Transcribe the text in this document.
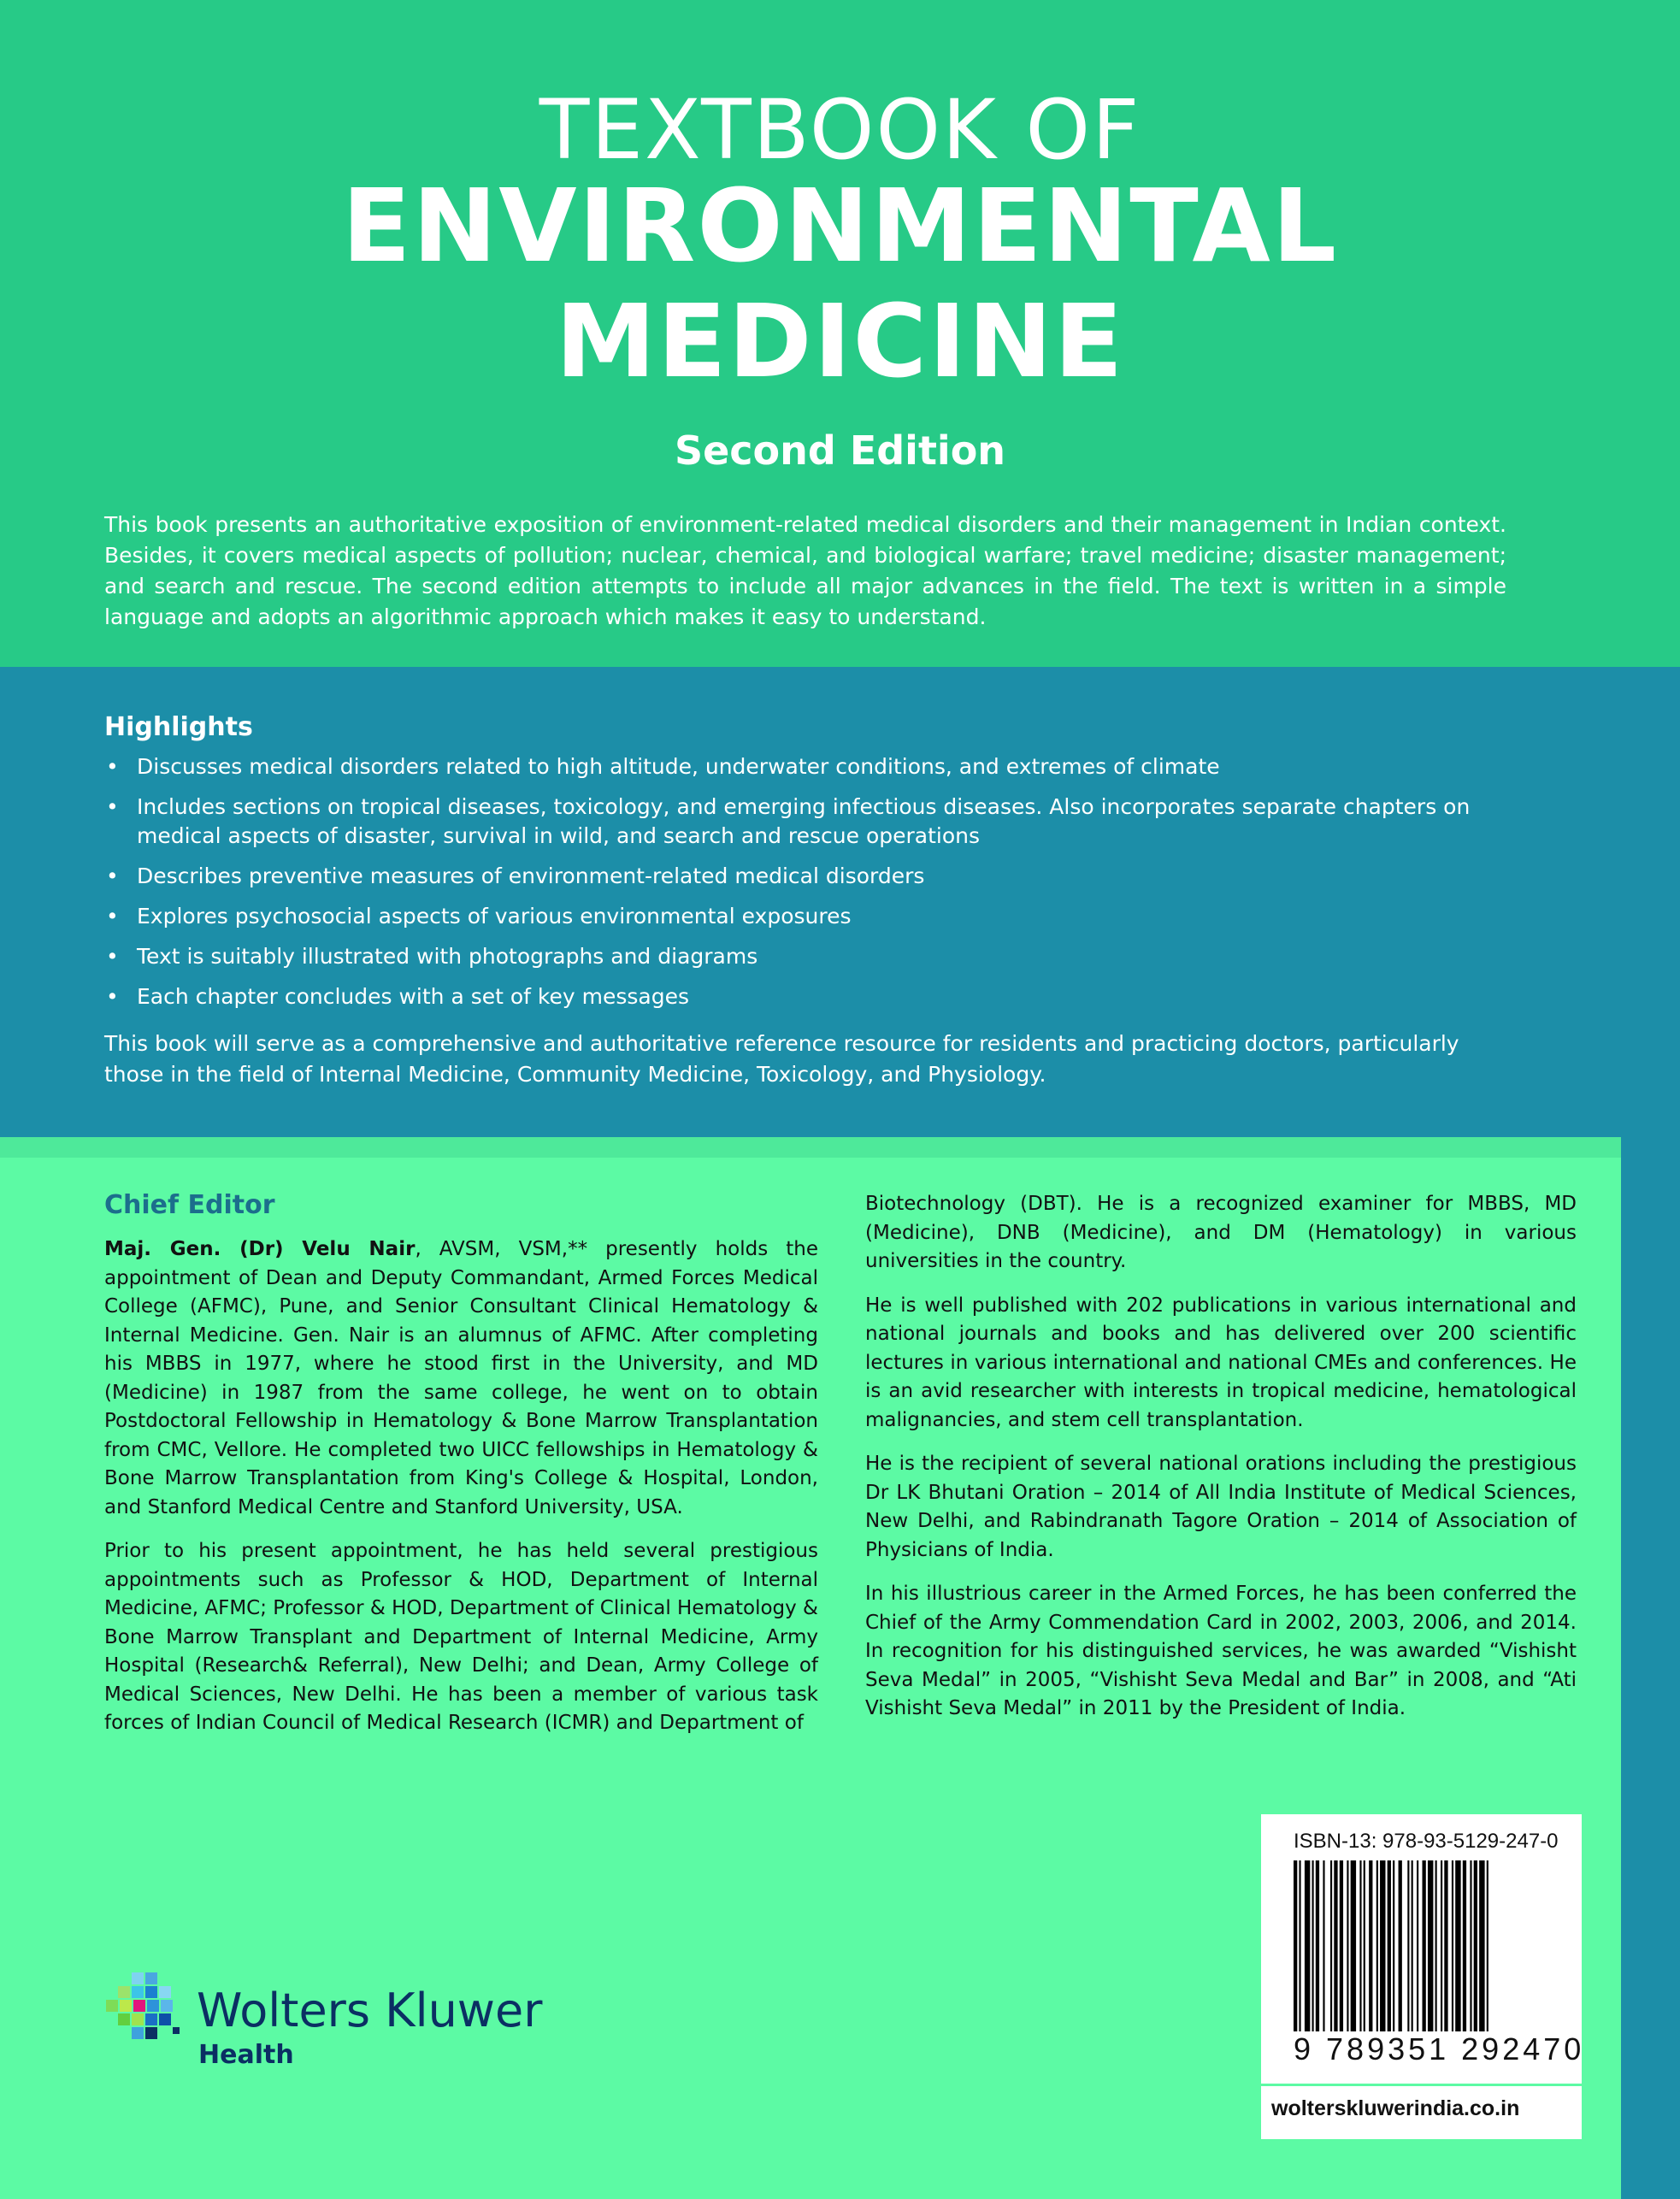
TEXTBOOK OF
ENVIRONMENTAL
MEDICINE
Second Edition
This book presents an authoritative exposition of environment-related medical disorders and their management in Indian context. Besides, it covers medical aspects of pollution; nuclear, chemical, and biological warfare; travel medicine; disaster management; and search and rescue. The second edition attempts to include all major advances in the field. The text is written in a simple language and adopts an algorithmic approach which makes it easy to understand.
Highlights
• Discusses medical disorders related to high altitude, underwater conditions, and extremes of climate
• Includes sections on tropical diseases, toxicology, and emerging infectious diseases. Also incorporates separate chapters on medical aspects of disaster, survival in wild, and search and rescue operations
• Describes preventive measures of environment-related medical disorders
• Explores psychosocial aspects of various environmental exposures
• Text is suitably illustrated with photographs and diagrams
• Each chapter concludes with a set of key messages
This book will serve as a comprehensive and authoritative reference resource for residents and practicing doctors, particularly those in the field of Internal Medicine, Community Medicine, Toxicology, and Physiology.
Chief Editor

Maj. Gen. (Dr) Velu Nair, AVSM, VSM,** presently holds the appointment of Dean and Deputy Commandant, Armed Forces Medical College (AFMC), Pune, and Senior Consultant Clinical Hematology & Internal Medicine. Gen. Nair is an alumnus of AFMC. After completing his MBBS in 1977, where he stood first in the University, and MD (Medicine) in 1987 from the same college, he went on to obtain Postdoctoral Fellowship in Hematology & Bone Marrow Transplantation from CMC, Vellore. He completed two UICC fellowships in Hematology & Bone Marrow Transplantation from King's College & Hospital, London, and Stanford Medical Centre and Stanford University, USA.

Prior to his present appointment, he has held several prestigious appointments such as Professor & HOD, Department of Internal Medicine, AFMC; Professor & HOD, Department of Clinical Hematology & Bone Marrow Transplant and Department of Internal Medicine, Army Hospital (Research& Referral), New Delhi; and Dean, Army College of Medical Sciences, New Delhi. He has been a member of various task forces of Indian Council of Medical Research (ICMR) and Department of

Biotechnology (DBT). He is a recognized examiner for MBBS, MD (Medicine), DNB (Medicine), and DM (Hematology) in various universities in the country.

He is well published with 202 publications in various international and national journals and books and has delivered over 200 scientific lectures in various international and national CMEs and conferences. He is an avid researcher with interests in tropical medicine, hematological malignancies, and stem cell transplantation.

He is the recipient of several national orations including the prestigious Dr LK Bhutani Oration – 2014 of All India Institute of Medical Sciences, New Delhi, and Rabindranath Tagore Oration – 2014 of Association of Physicians of India.

In his illustrious career in the Armed Forces, he has been conferred the Chief of the Army Commendation Card in 2002, 2003, 2006, and 2014. In recognition for his distinguished services, he was awarded “Vishisht Seva Medal” in 2005, “Vishisht Seva Medal and Bar” in 2008, and “Ati Vishisht Seva Medal” in 2011 by the President of India.

Wolters Kluwer
Health
ISBN-13: 978-93-5129-247-0
9 789351 292470
wolterskluwerindia.co.in
